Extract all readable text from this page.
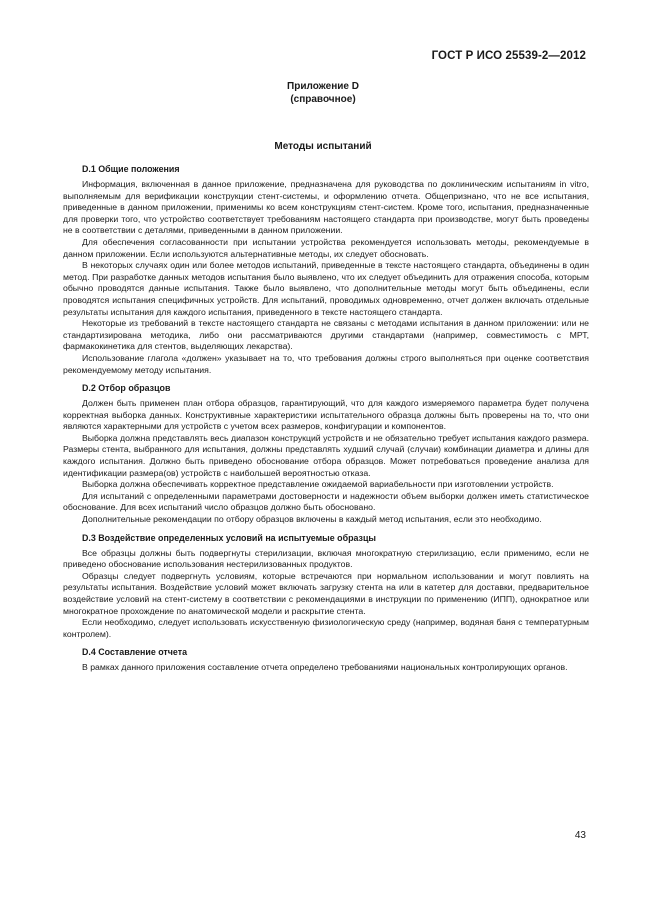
ГОСТ Р ИСО 25539-2—2012
Приложение D
(справочное)
Методы испытаний
D.1 Общие положения

Информация, включенная в данное приложение, предназначена для руководства по доклиническим испытаниям in vitro, выполняемым для верификации конструкции стент-системы, и оформлению отчета. Общепризнано, что не все испытания, приведенные в данном приложении, применимы ко всем конструкциям стент-систем. Кроме того, испытания, предназначенные для проверки того, что устройство соответствует требованиям настоящего стандарта при производстве, могут быть проведены не в соответствии с деталями, приведенными в данном приложении.

Для обеспечения согласованности при испытании устройства рекомендуется использовать методы, рекомендуемые в данном приложении. Если используются альтернативные методы, их следует обосновать.

В некоторых случаях один или более методов испытаний, приведенные в тексте настоящего стандарта, объединены в один метод. При разработке данных методов испытания было выявлено, что их следует объединить для отражения способа, которым обычно проводятся данные испытания. Также было выявлено, что дополнительные методы могут быть объединены, если проводятся испытания специфичных устройств. Для испытаний, проводимых одновременно, отчет должен включать отдельные результаты испытания для каждого испытания, приведенного в тексте настоящего стандарта.

Некоторые из требований в тексте настоящего стандарта не связаны с методами испытания в данном приложении: или не стандартизирована методика, либо они рассматриваются другими стандартами (например, совместимость с МРТ, фармакокинетика для стентов, выделяющих лекарства).

Использование глагола «должен» указывает на то, что требования должны строго выполняться при оценке соответствия рекомендуемому методу испытания.

D.2 Отбор образцов

Должен быть применен план отбора образцов, гарантирующий, что для каждого измеряемого параметра будет получена корректная выборка данных. Конструктивные характеристики испытательного образца должны быть проверены на то, что они являются характерными для устройств с учетом всех размеров, конфигурации и компонентов.

Выборка должна представлять весь диапазон конструкций устройств и не обязательно требует испытания каждого размера. Размеры стента, выбранного для испытания, должны представлять худший случай (случаи) комбинации диаметра и длины для каждого испытания. Должно быть приведено обоснование отбора образцов. Может потребоваться проведение анализа для идентификации размера(ов) устройств с наибольшей вероятностью отказа.

Выборка должна обеспечивать корректное представление ожидаемой вариабельности при изготовлении устройств.

Для испытаний с определенными параметрами достоверности и надежности объем выборки должен иметь статистическое обоснование. Для всех испытаний число образцов должно быть обосновано.

Дополнительные рекомендации по отбору образцов включены в каждый метод испытания, если это необходимо.

D.3 Воздействие определенных условий на испытуемые образцы

Все образцы должны быть подвергнуты стерилизации, включая многократную стерилизацию, если применимо, если не приведено обоснование использования нестерилизованных продуктов.

Образцы следует подвергнуть условиям, которые встречаются при нормальном использовании и могут повлиять на результаты испытания. Воздействие условий может включать загрузку стента на или в катетер для доставки, предварительное воздействие условий на стент-систему в соответствии с рекомендациями в инструкции по применению (ИПП), однократное или многократное прохождение по анатомической модели и раскрытие стента.

Если необходимо, следует использовать искусственную физиологическую среду (например, водяная баня с температурным контролем).

D.4 Составление отчета

В рамках данного приложения составление отчета определено требованиями национальных контролирующих органов.

43
